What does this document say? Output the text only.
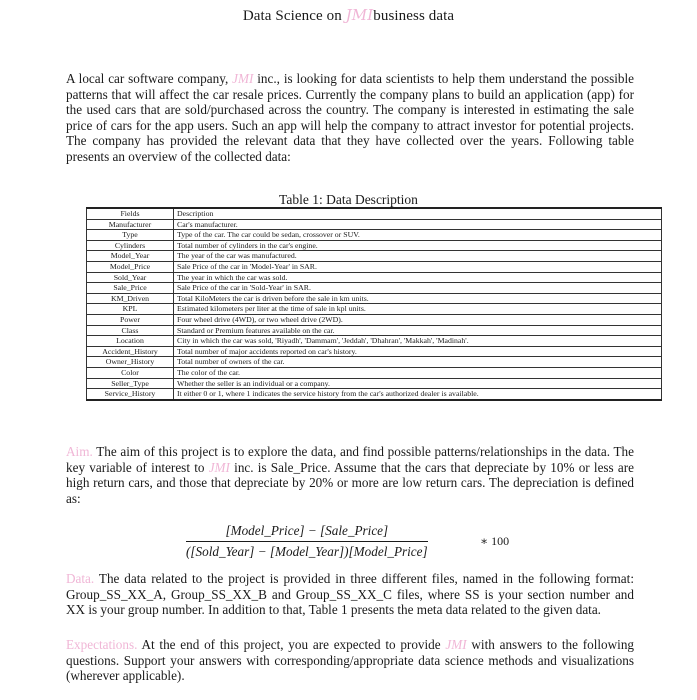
Data Science on JMIbusiness data

A local car software company, JMI inc., is looking for data scientists to help them understand the possible patterns that will affect the car resale prices. Currently the company plans to build an application (app) for the used cars that are sold/purchased across the country. The company is interested in estimating the sale price of cars for the app users. Such an app will help the company to attract investor for potential projects. The company has provided the relevant data that they have collected over the years. Following table presents an overview of the collected data:

Table 1: Data Description
Fields	Description
Manufacturer	Car's manufacturer.
Type	Type of the car. The car could be sedan, crossover or SUV.
Cylinders	Total number of cylinders in the car's engine.
Model_Year	The year of the car was manufactured.
Model_Price	Sale Price of the car in 'Model-Year' in SAR.
Sold_Year	The year in which the car was sold.
Sale_Price	Sale Price of the car in 'Sold-Year' in SAR.
KM_Driven	Total KiloMeters the car is driven before the sale in km units.
KPL	Estimated kilometers per liter at the time of sale in kpl units.
Power	Four wheel drive (4WD), or two wheel drive (2WD).
Class	Standard or Premium features available on the car.
Location	City in which the car was sold, 'Riyadh', 'Dammam', 'Jeddah', 'Dhahran', 'Makkah', 'Madinah'.
Accident_History	Total number of major accidents reported on car's history.
Owner_History	Total number of owners of the car.
Color	The color of the car.
Seller_Type	Whether the seller is an individual or a company.
Service_History	It either 0 or 1, where 1 indicates the service history from the car's authorized dealer is available.

Aim. The aim of this project is to explore the data, and find possible patterns/relationships in the data. The key variable of interest to JMI inc. is Sale_Price. Assume that the cars that depreciate by 10% or less are high return cars, and those that depreciate by 20% or more are low return cars. The depreciation is defined as:

$\frac{\text{[Model\_Price] − [Sale\_Price]}}{\text{([Sold\_Year] − [Model\_Year])[Model\_Price]}}$	∗ 100

Data. The data related to the project is provided in three different files, named in the following format: Group_SS_XX_A, Group_SS_XX_B and Group_SS_XX_C files, where SS is your section number and XX is your group number. In addition to that, Table 1 presents the meta data related to the given data.

Expectations. At the end of this project, you are expected to provide JMI with answers to the following questions. Support your answers with corresponding/appropriate data science methods and visualizations (wherever applicable).
